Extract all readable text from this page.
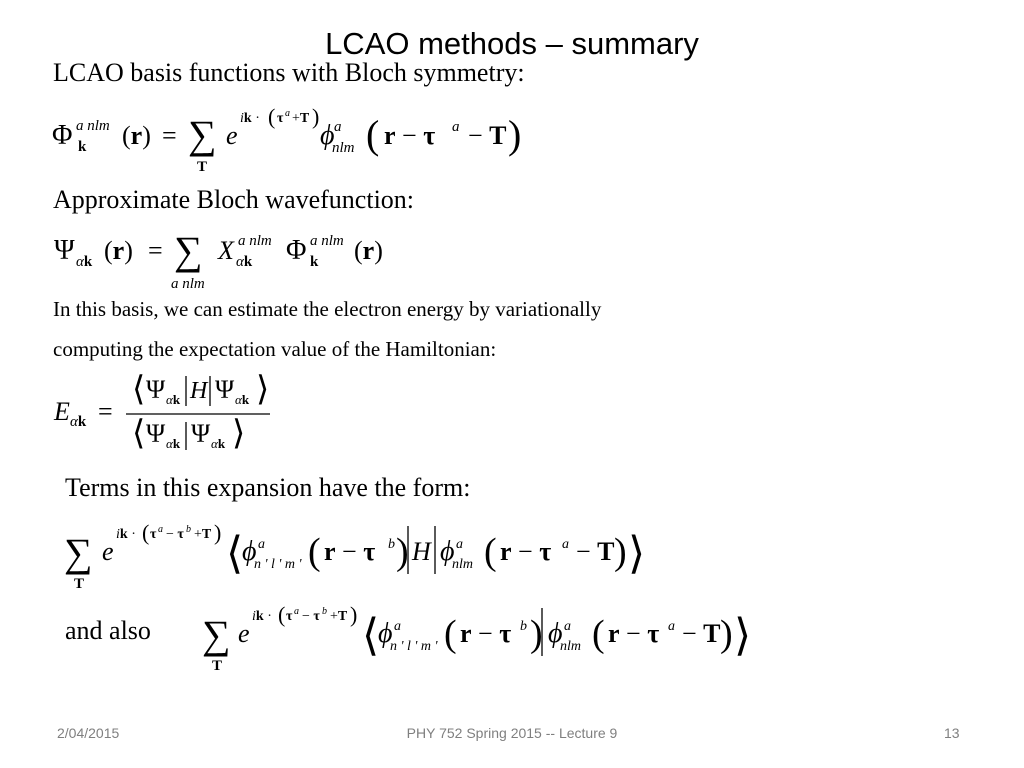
LCAO methods – summary
LCAO basis functions with Bloch symmetry:
Φ a nlm
k (r) = ∑
T
e
ik · ( τ a +T )
ϕ a
nlm ( r − τ a − T )
Approximate Bloch wavefunction:
Ψ αk (r) = ∑
a nlm
X a nlm
αk Φ a nlm
k (r)
In this basis, we can estimate the electron energy by variationally
computing the expectation value of the Hamiltonian:
E αk =
⟨ Ψ αk H Ψ αk ⟩
⟨ Ψ αk Ψ αk ⟩
Terms in this expansion have the form:
∑
T
e
ik · ( τ a − τ b +T ) ⟨
ϕ a
n ' l ' m ' ( r − τ b ) H ϕ a
nlm ( r − τ a − T ) ⟩
and also ∑
T
e
ik · ( τ a − τ b +T ) ⟨
ϕ a
n ' l ' m ' ( r − τ b ) ϕ a
nlm ( r − τ a − T ) ⟩
2/04/2015	PHY 752 Spring 2015 -- Lecture 9	13
